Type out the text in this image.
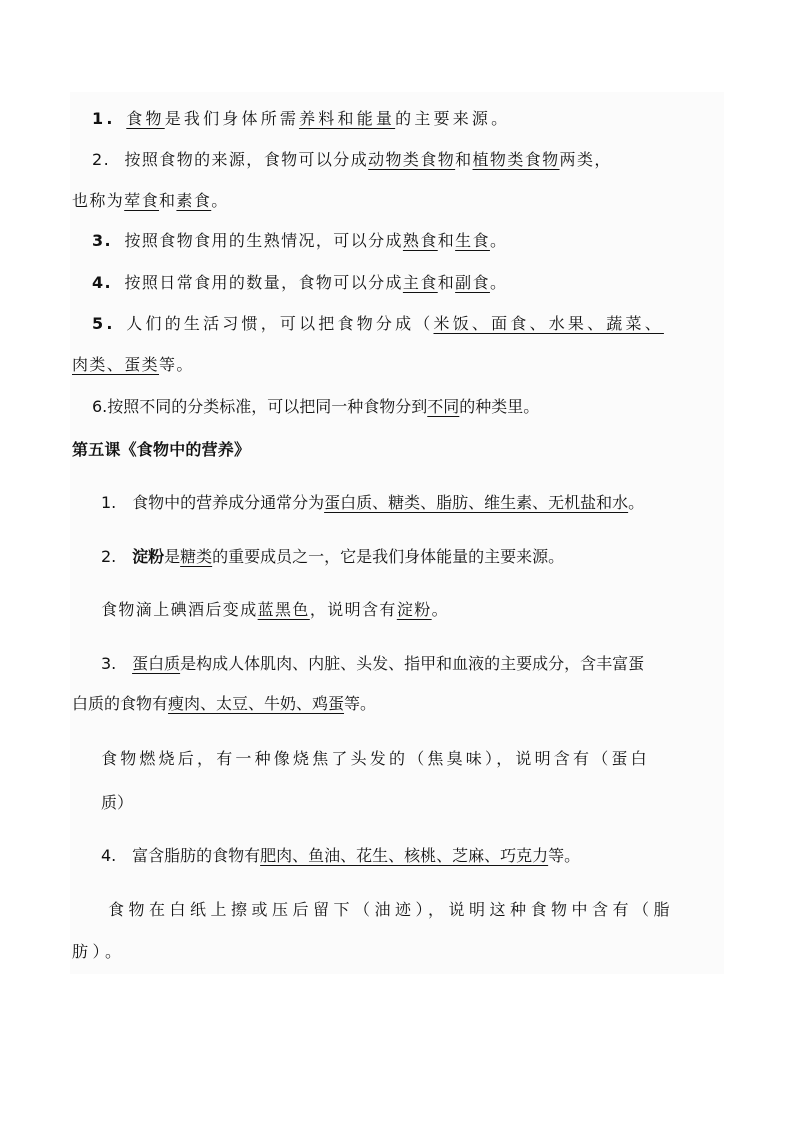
1. 食物是我们身体所需养料和能量的主要来源。
2. 按照食物的来源，食物可以分成动物类食物和植物类食物两类，
也称为荤食和素食。
3. 按照食物食用的生熟情况，可以分成熟食和生食。
4. 按照日常食用的数量，食物可以分成主食和副食。
5. 人们的生活习惯，可以把食物分成（米饭、面食、水果、蔬菜、
肉类、蛋类等。
6.按照不同的分类标准，可以把同一种食物分到不同的种类里。
第五课《食物中的营养》
1. 食物中的营养成分通常分为蛋白质、糖类、脂肪、维生素、无机盐和水。
2. 淀粉是糖类的重要成员之一，它是我们身体能量的主要来源。
食物滴上碘酒后变成蓝黑色，说明含有淀粉。
3. 蛋白质是构成人体肌肉、内脏、头发、指甲和血液的主要成分，含丰富蛋
白质的食物有瘦肉、太豆、牛奶、鸡蛋等。
食物燃烧后，有一种像烧焦了头发的（焦臭味），说明含有（蛋白
质）
4. 富含脂肪的食物有肥肉、鱼油、花生、核桃、芝麻、巧克力等。
食物在白纸上擦或压后留下（油迹），说明这种食物中含有（脂
肪）。
